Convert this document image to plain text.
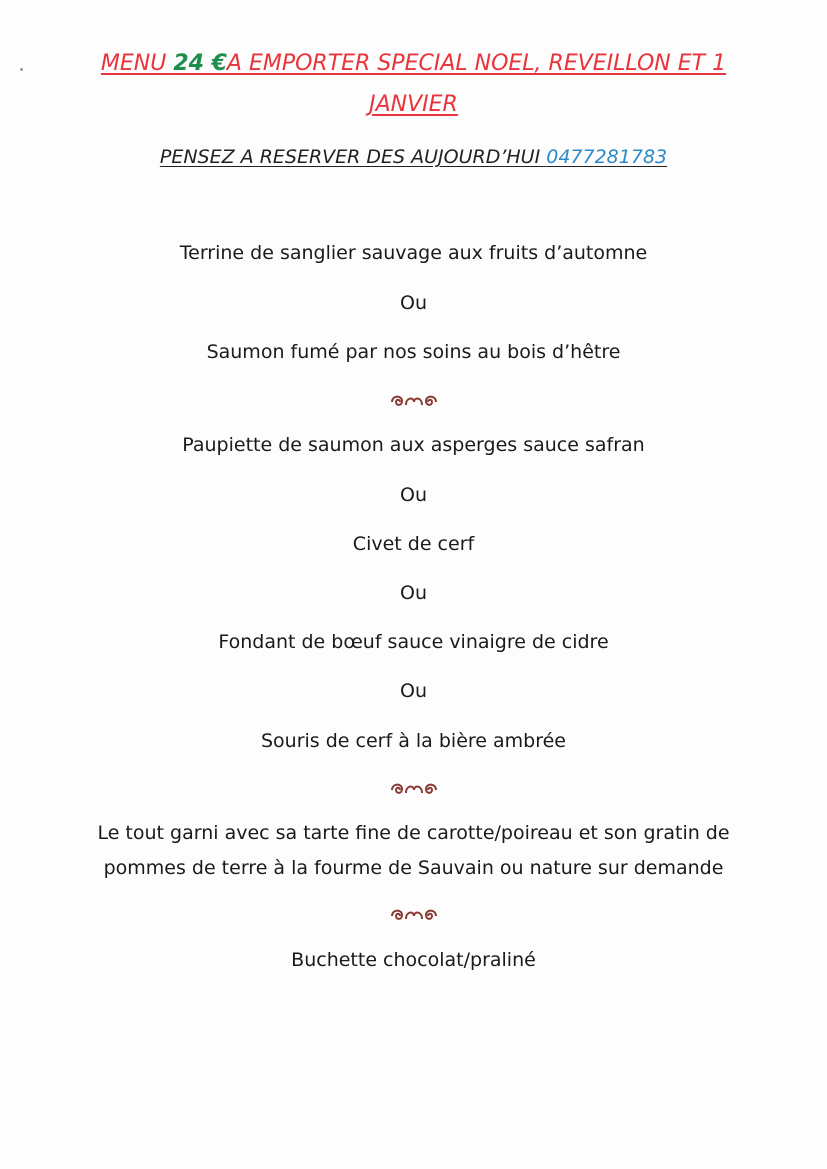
MENU 24 €A EMPORTER SPECIAL NOEL, REVEILLON ET 1
JANVIER
PENSEZ A RESERVER DES AUJOURD’HUI 0477281783
Terrine de sanglier sauvage aux fruits d’automne
Ou
Saumon fumé par nos soins au bois d’hêtre
Paupiette de saumon aux asperges sauce safran
Ou
Civet de cerf
Ou
Fondant de bœuf sauce vinaigre de cidre
Ou
Souris de cerf à la bière ambrée
Le tout garni avec sa tarte fine de carotte/poireau et son gratin de
pommes de terre à la fourme de Sauvain ou nature sur demande
Buchette chocolat/praliné
